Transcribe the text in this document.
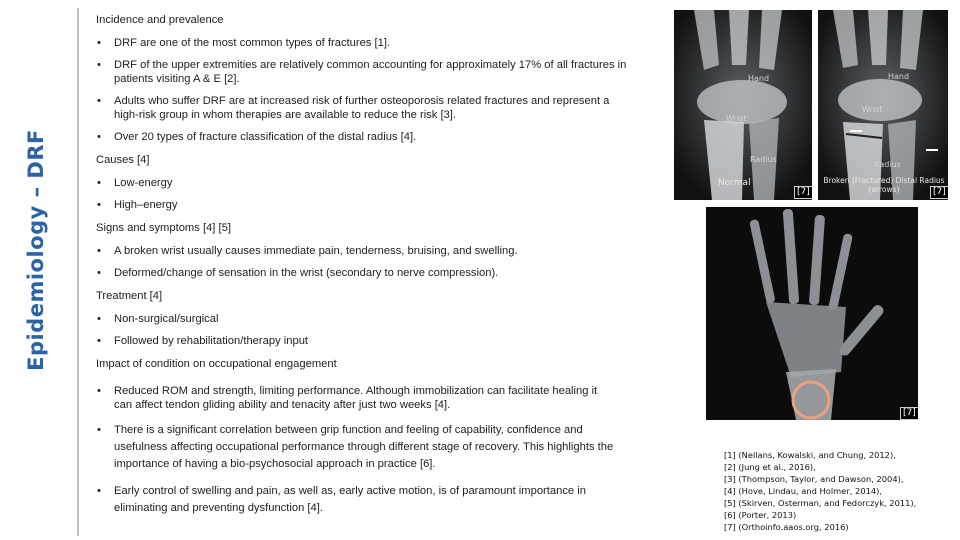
Epidemiology – DRF
Incidence and prevalence
• DRF are one of the most common types of fractures [1].
• DRF of the upper extremities are relatively common accounting for approximately 17% of all fractures in patients visiting A & E [2].
• Adults who suffer DRF are at increased risk of further osteoporosis related fractures and represent a high-risk group in whom therapies are available to reduce the risk [3].
• Over 20 types of fracture classification of the distal radius [4].
Causes [4]
• Low-energy
• High–energy
Signs and symptoms [4] [5]
• A broken wrist usually causes immediate pain, tenderness, bruising, and swelling.
• Deformed/change of sensation in the wrist (secondary to nerve compression).
Treatment [4]
• Non-surgical/surgical
• Followed by rehabilitation/therapy input
Impact of condition on occupational engagement
• Reduced ROM and strength, limiting performance. Although immobilization can facilitate healing it can affect tendon gliding ability and tenacity after just two weeks [4].
• There is a significant correlation between grip function and feeling of capability, confidence and usefulness affecting occupational performance through different stage of recovery. This highlights the importance of having a bio-psychosocial approach in practice [6].
• Early control of swelling and pain, as well as, early active motion, is of paramount importance in eliminating and preventing dysfunction [4].
Hand
Wrist
Radius
Normal
[7]
Hand
Wrist
Radius
Broken (Fractured) Distal Radius (arrows)	[7]
[7]
[1] (Nellans, Kowalski, and Chung, 2012),
[2] (Jung et al., 2016),
[3] (Thompson, Taylor, and Dawson, 2004),
[4] (Hove, Lindau, and Holmer, 2014),
[5] (Skirven, Osterman, and Fedorczyk, 2011),
[6] (Porter, 2013)
[7] (Orthoinfo.aaos.org, 2016)
